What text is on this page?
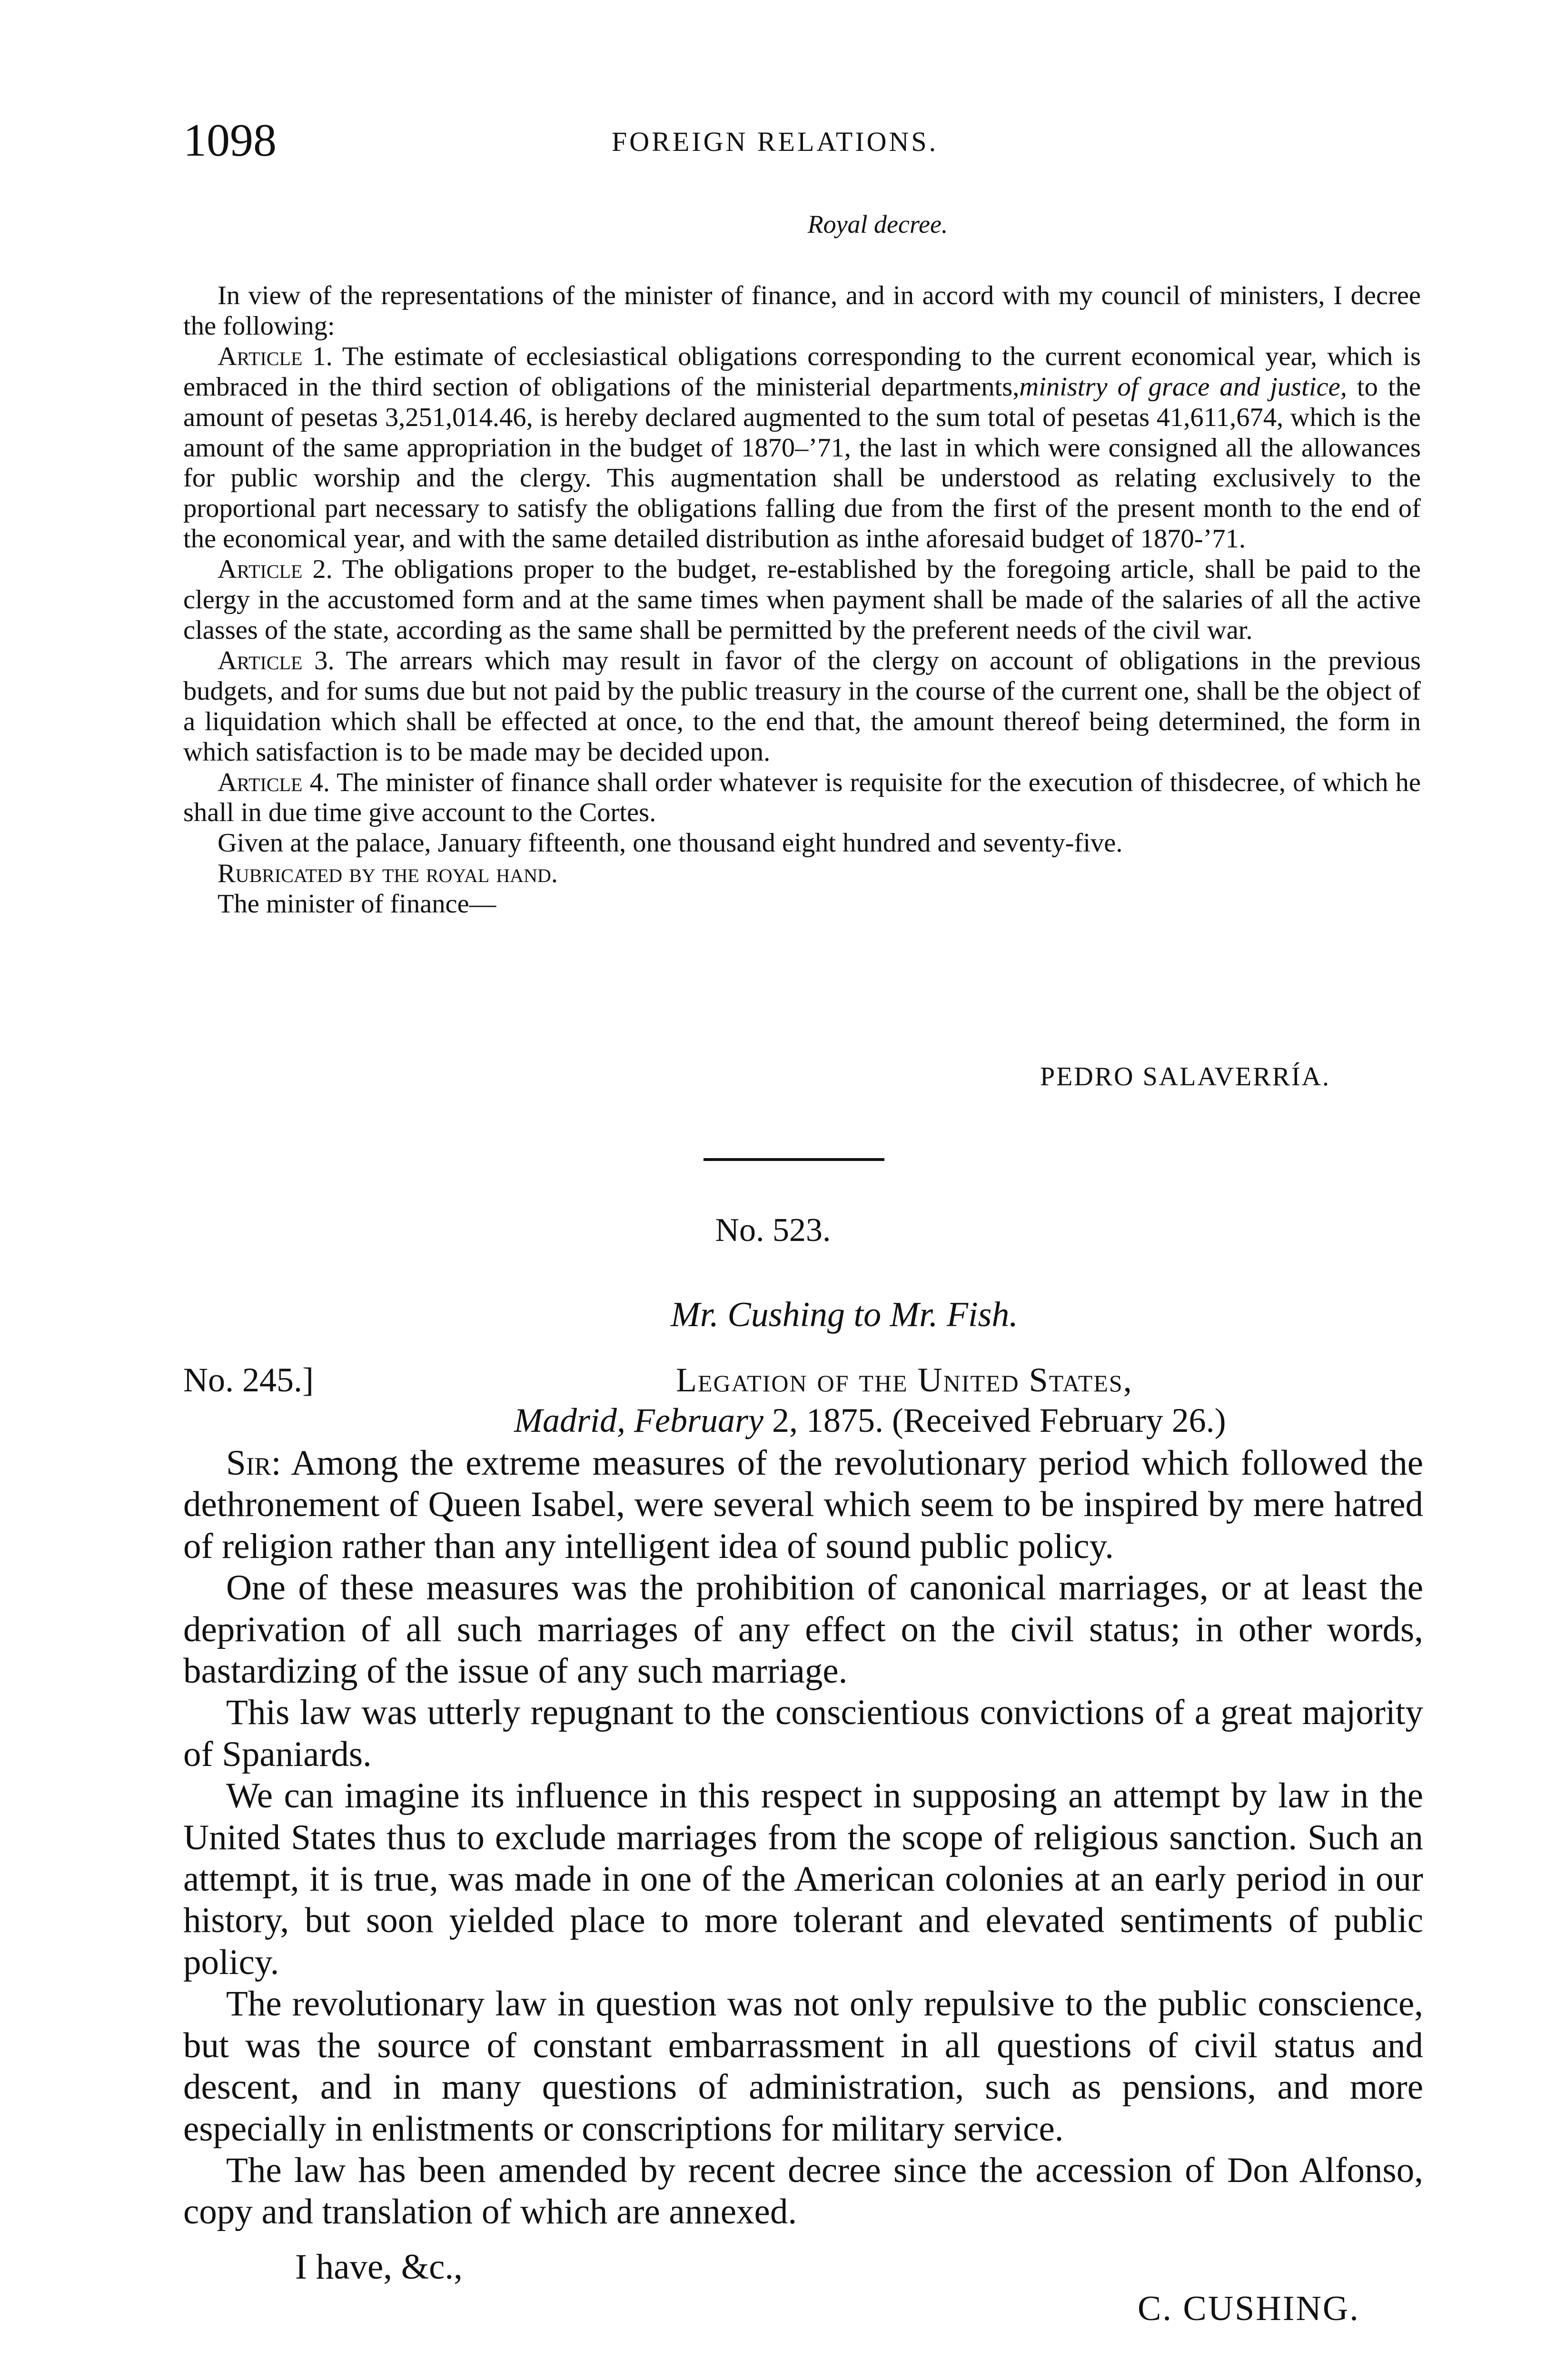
1098	FOREIGN RELATIONS.
Royal decree.

In view of the representations of the minister of finance, and in accord with my council of ministers, I decree the following:

Article 1. The estimate of ecclesiastical obligations corresponding to the current economical year, which is embraced in the third section of obligations of the ministerial departments,ministry of grace and justice, to the amount of pesetas 3,251,014.46, is hereby declared augmented to the sum total of pesetas 41,611,674, which is the amount of the same appropriation in the budget of 1870–’71, the last in which were consigned all the allowances for public worship and the clergy. This augmentation shall be understood as relating exclusively to the proportional part necessary to satisfy the obligations falling due from the first of the present month to the end of the economical year, and with the same detailed distribution as inthe aforesaid budget of 1870-’71.

Article 2. The obligations proper to the budget, re-established by the foregoing article, shall be paid to the clergy in the accustomed form and at the same times when payment shall be made of the salaries of all the active classes of the state, according as the same shall be permitted by the preferent needs of the civil war.

Article 3. The arrears which may result in favor of the clergy on account of obligations in the previous budgets, and for sums due but not paid by the public treasury in the course of the current one, shall be the object of a liquidation which shall be effected at once, to the end that, the amount thereof being determined, the form in which satisfaction is to be made may be decided upon.

Article 4. The minister of finance shall order whatever is requisite for the execution of thisdecree, of which he shall in due time give account to the Cortes.

Given at the palace, January fifteenth, one thousand eight hundred and seventy-five.

Rubricated by the royal hand.

The minister of finance—

PEDRO SALAVERRÍA.
No. 523.
Mr. Cushing to Mr. Fish.
No. 245.]	Legation of the United States,
Madrid, February 2, 1875. (Received February 26.)

Sir: Among the extreme measures of the revolutionary period which followed the dethronement of Queen Isabel, were several which seem to be inspired by mere hatred of religion rather than any intelligent idea of sound public policy.

One of these measures was the prohibition of canonical marriages, or at least the deprivation of all such marriages of any effect on the civil status; in other words, bastardizing of the issue of any such marriage.

This law was utterly repugnant to the conscientious convictions of a great majority of Spaniards.

We can imagine its influence in this respect in supposing an attempt by law in the United States thus to exclude marriages from the scope of religious sanction. Such an attempt, it is true, was made in one of the American colonies at an early period in our history, but soon yielded place to more tolerant and elevated sentiments of public policy.

The revolutionary law in question was not only repulsive to the public conscience, but was the source of constant embarrassment in all questions of civil status and descent, and in many questions of administration, such as pensions, and more especially in enlistments or conscriptions for military service.

The law has been amended by recent decree since the accession of Don Alfonso, copy and translation of which are annexed.

I have, &c.,
C. CUSHING.
